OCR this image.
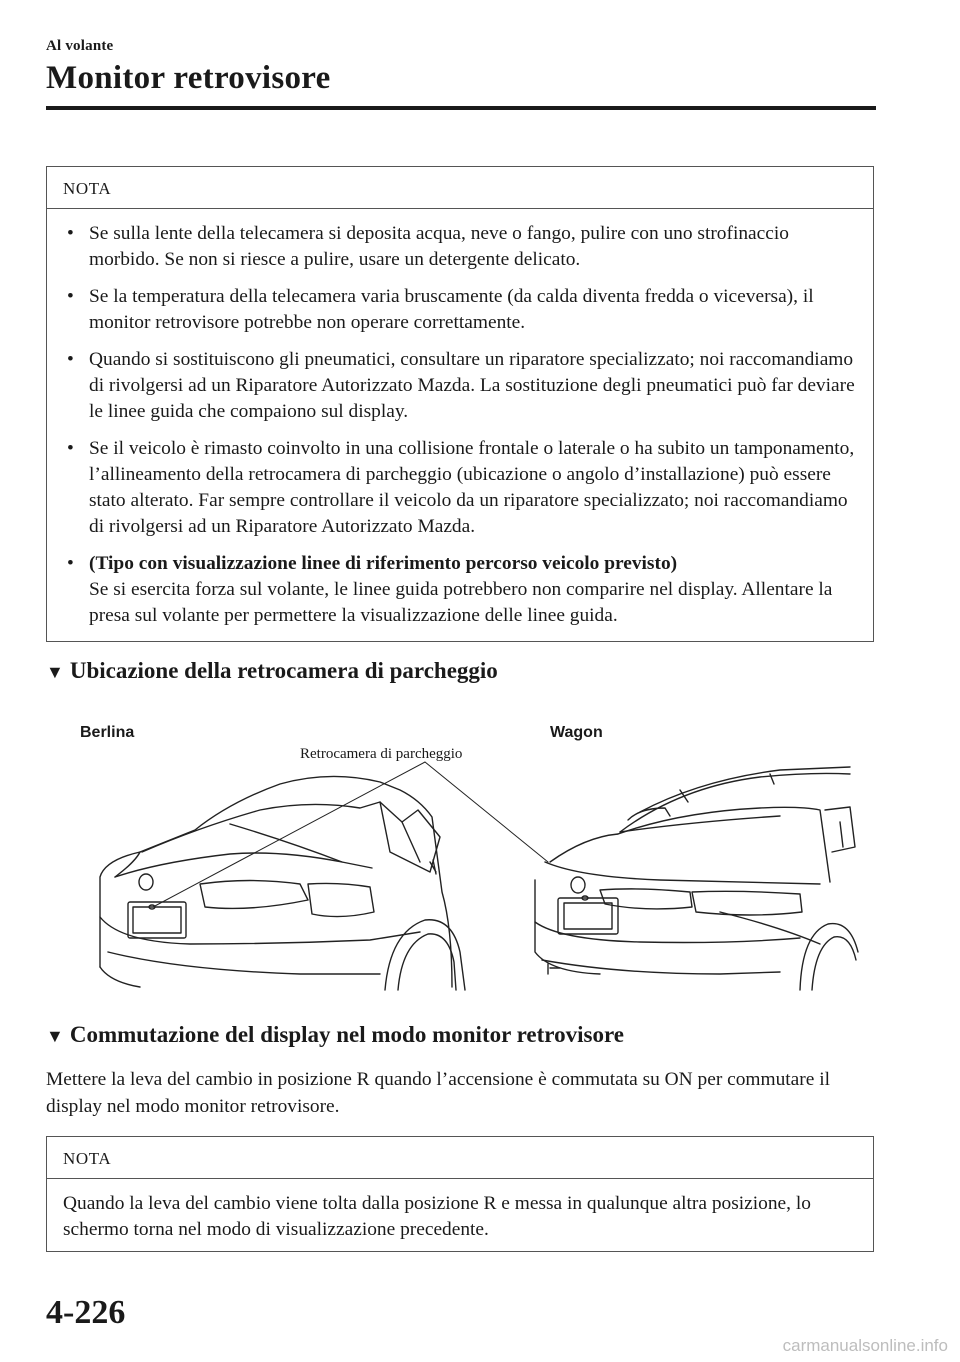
Al volante
Monitor retrovisore
NOTA
• Se sulla lente della telecamera si deposita acqua, neve o fango, pulire con uno strofinaccio morbido. Se non si riesce a pulire, usare un detergente delicato.
• Se la temperatura della telecamera varia bruscamente (da calda diventa fredda o viceversa), il monitor retrovisore potrebbe non operare correttamente.
• Quando si sostituiscono gli pneumatici, consultare un riparatore specializzato; noi raccomandiamo di rivolgersi ad un Riparatore Autorizzato Mazda. La sostituzione degli pneumatici può far deviare le linee guida che compaiono sul display.
• Se il veicolo è rimasto coinvolto in una collisione frontale o laterale o ha subito un tamponamento, l’allineamento della retrocamera di parcheggio (ubicazione o angolo d’installazione) può essere stato alterato. Far sempre controllare il veicolo da un riparatore specializzato; noi raccomandiamo di rivolgersi ad un Riparatore Autorizzato Mazda.
• (Tipo con visualizzazione linee di riferimento percorso veicolo previsto)
Se si esercita forza sul volante, le linee guida potrebbero non comparire nel display. Allentare la presa sul volante per permettere la visualizzazione delle linee guida.
▼ Ubicazione della retrocamera di parcheggio
Berlina	Wagon
Retrocamera di parcheggio
▼ Commutazione del display nel modo monitor retrovisore
Mettere la leva del cambio in posizione R quando l’accensione è commutata su ON per commutare il display nel modo monitor retrovisore.
NOTA
Quando la leva del cambio viene tolta dalla posizione R e messa in qualunque altra posizione, lo schermo torna nel modo di visualizzazione precedente.
4-226
carmanualsonline.info
